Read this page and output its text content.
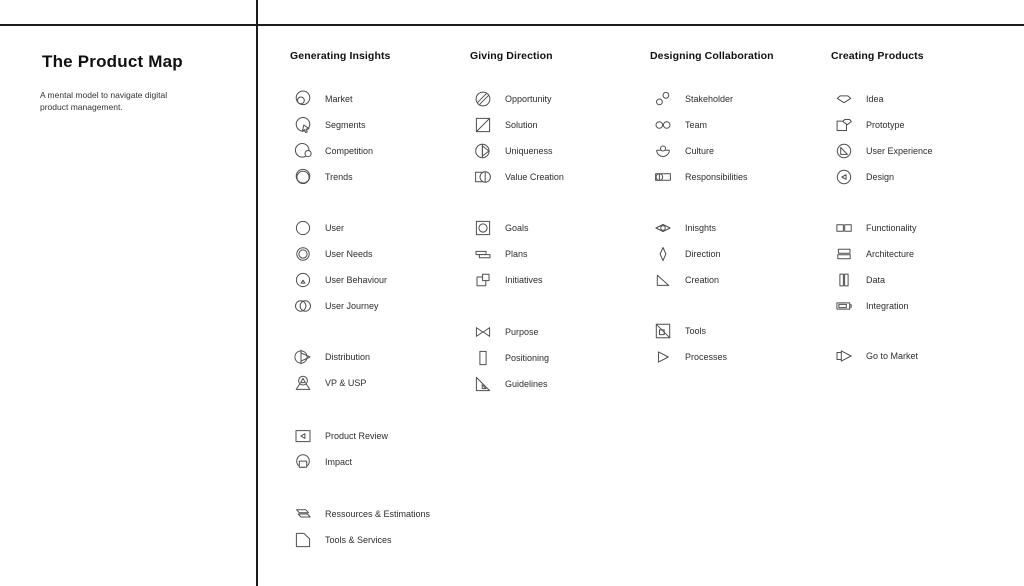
The Product Map
A mental model to navigate digital
product management.
Generating Insights
Market
Segments
Competition
Trends
User
User Needs
User Behaviour
User Journey
Distribution
VP & USP
Product Review
Impact
Ressources & Estimations
Tools & Services
Giving Direction
Opportunity
Solution
Uniqueness
Value Creation
Goals
Plans
Initiatives
Purpose
Positioning
Guidelines
Designing Collaboration
Stakeholder
Team
Culture
Responsibilities
Inisghts
Direction
Creation
Tools
Processes
Creating Products
Idea
Prototype
User Experience
Design
Functionality
Architecture
Data
Integration
Go to Market
